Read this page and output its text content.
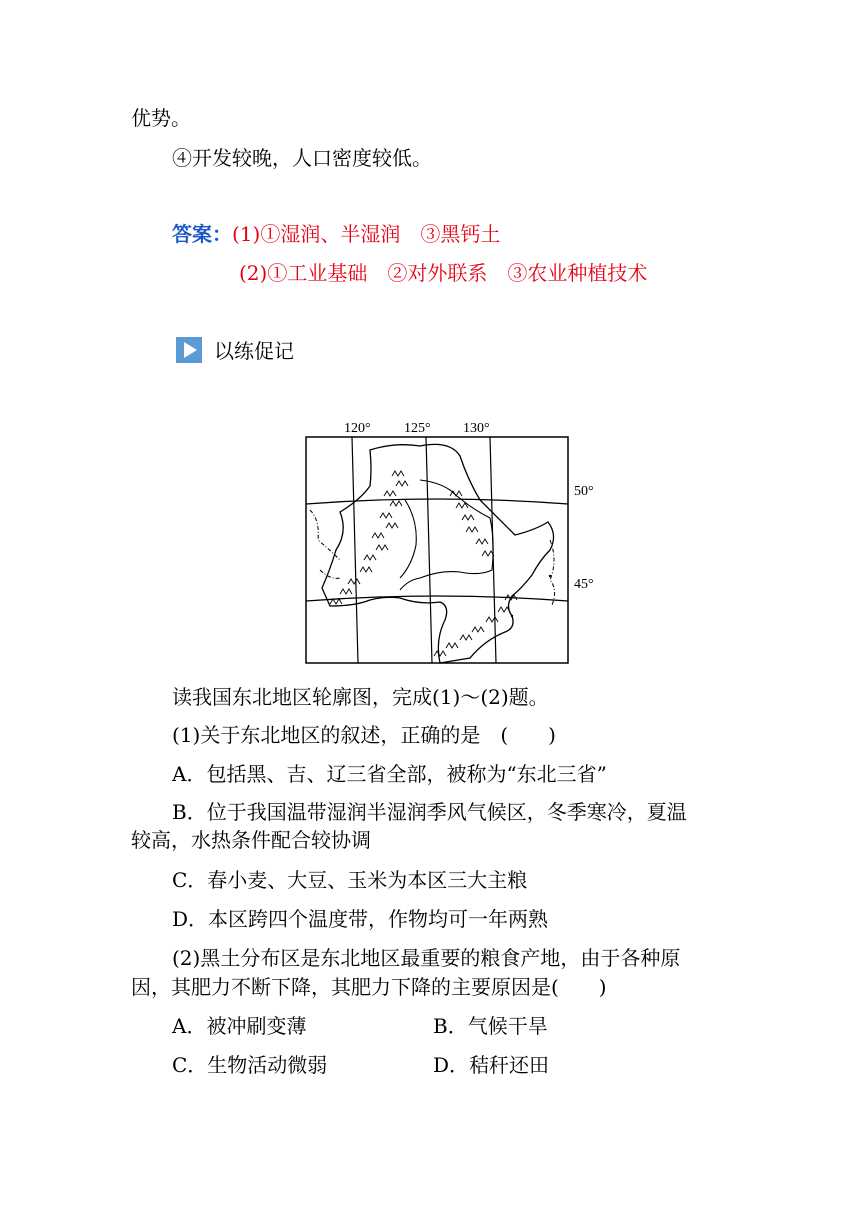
优势。
④开发较晚，人口密度较低。
答案：(1)①湿润、半湿润　③黑钙土
(2)①工业基础　②对外联系　③农业种植技术
以练促记
120° 125° 130°
50°
45°
读我国东北地区轮廓图，完成(1)～(2)题。
(1)关于东北地区的叙述，正确的是　(　　)
A．包括黑、吉、辽三省全部，被称为“东北三省”
B．位于我国温带湿润半湿润季风气候区，冬季寒冷，夏温
较高，水热条件配合较协调
C．春小麦、大豆、玉米为本区三大主粮
D．本区跨四个温度带，作物均可一年两熟
(2)黑土分布区是东北地区最重要的粮食产地，由于各种原
因，其肥力不断下降，其肥力下降的主要原因是(　　)
A．被冲刷变薄	B．气候干旱
C．生物活动微弱	D．秸秆还田
